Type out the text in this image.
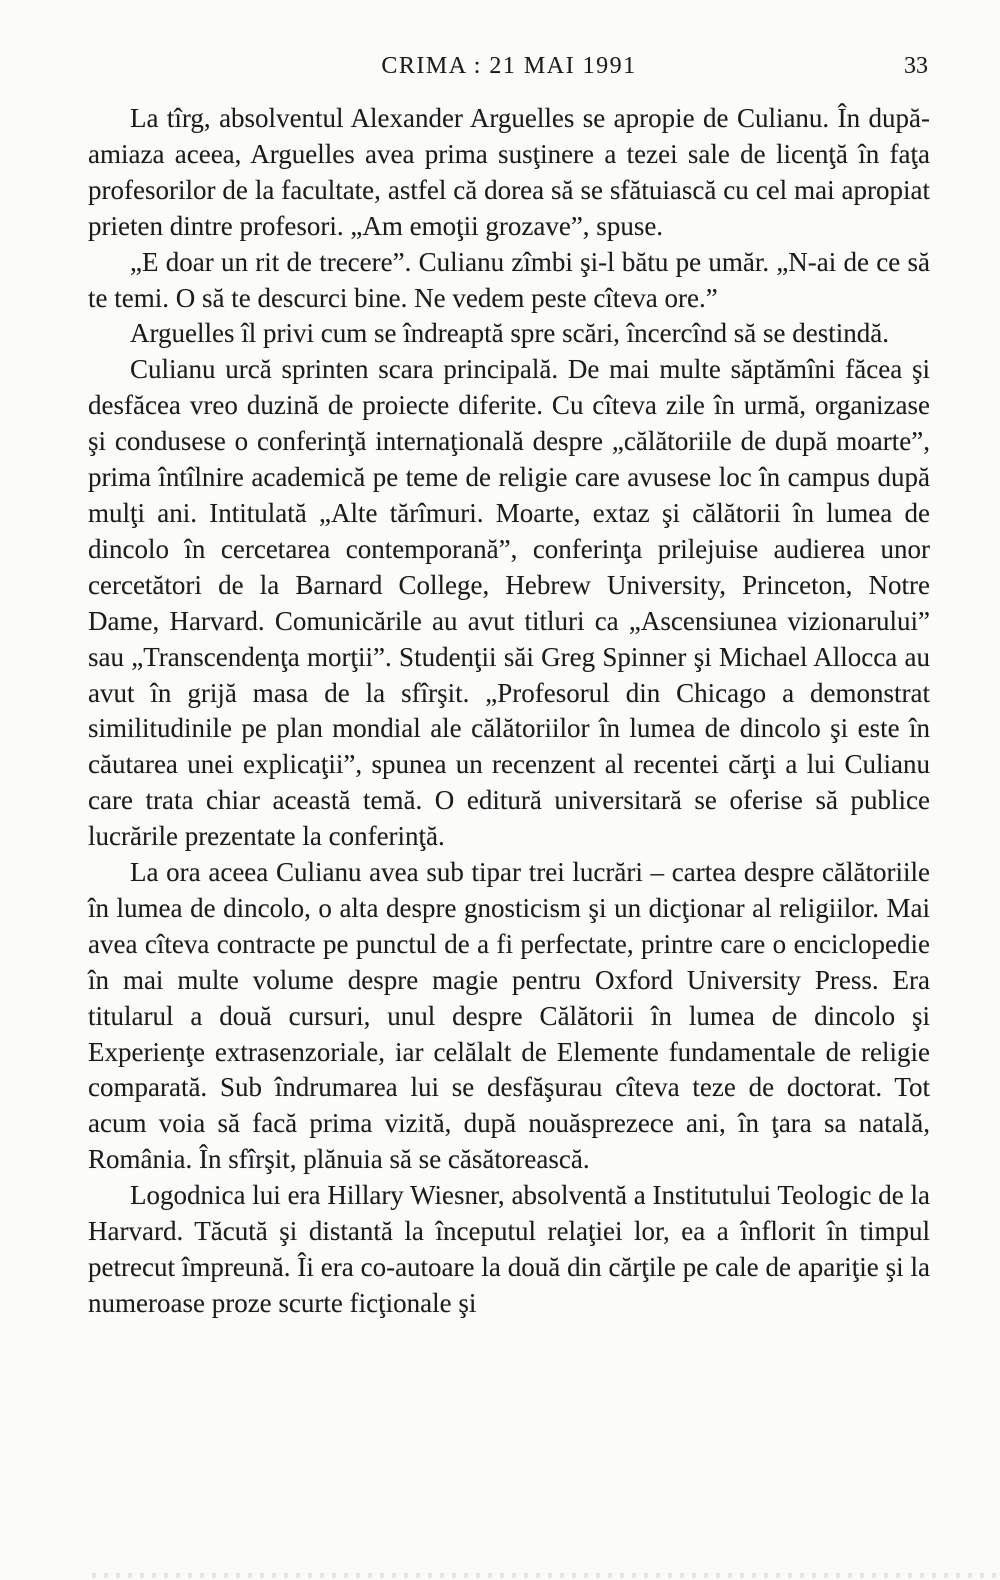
CRIMA : 21 MAI 1991	33

La tîrg, absolventul Alexander Arguelles se apropie de Culianu. În după-amiaza aceea, Arguelles avea prima susţinere a tezei sale de licenţă în faţa profesorilor de la facultate, astfel că dorea să se sfătuiască cu cel mai apropiat prieten dintre profesori. „Am emoţii grozave”, spuse.

„E doar un rit de trecere”. Culianu zîmbi şi-l bătu pe umăr. „N-ai de ce să te temi. O să te descurci bine. Ne vedem peste cîteva ore.”

Arguelles îl privi cum se îndreaptă spre scări, încercînd să se destindă.

Culianu urcă sprinten scara principală. De mai multe săptămîni făcea şi desfăcea vreo duzină de proiecte diferite. Cu cîteva zile în urmă, organizase şi condusese o conferinţă internaţională despre „călătoriile de după moarte”, prima întîlnire academică pe teme de religie care avusese loc în campus după mulţi ani. Intitulată „Alte tărîmuri. Moarte, extaz şi călătorii în lumea de dincolo în cercetarea contemporană”, conferinţa prilejuise audierea unor cercetători de la Barnard College, Hebrew University, Princeton, Notre Dame, Harvard. Comunicările au avut titluri ca „Ascensiunea vizionarului” sau „Transcendenţa morţii”. Studenţii săi Greg Spinner şi Michael Allocca au avut în grijă masa de la sfîrşit. „Profesorul din Chicago a demonstrat similitudinile pe plan mondial ale călătoriilor în lumea de dincolo şi este în căutarea unei explicaţii”, spunea un recenzent al recentei cărţi a lui Culianu care trata chiar această temă. O editură universitară se oferise să publice lucrările prezentate la conferinţă.

La ora aceea Culianu avea sub tipar trei lucrări – cartea despre călătoriile în lumea de dincolo, o alta despre gnosticism şi un dicţionar al religiilor. Mai avea cîteva contracte pe punctul de a fi perfectate, printre care o enciclopedie în mai multe volume despre magie pentru Oxford University Press. Era titularul a două cursuri, unul despre Călătorii în lumea de dincolo şi Experienţe extrasenzoriale, iar celălalt de Elemente fundamentale de religie comparată. Sub îndrumarea lui se desfăşurau cîteva teze de doctorat. Tot acum voia să facă prima vizită, după nouăsprezece ani, în ţara sa natală, România. În sfîrşit, plănuia să se căsătorească.

Logodnica lui era Hillary Wiesner, absolventă a Institutului Teologic de la Harvard. Tăcută şi distantă la începutul relaţiei lor, ea a înflorit în timpul petrecut împreună. Îi era co-autoare la două din cărţile pe cale de apariţie şi la numeroase proze scurte ficţionale şi
